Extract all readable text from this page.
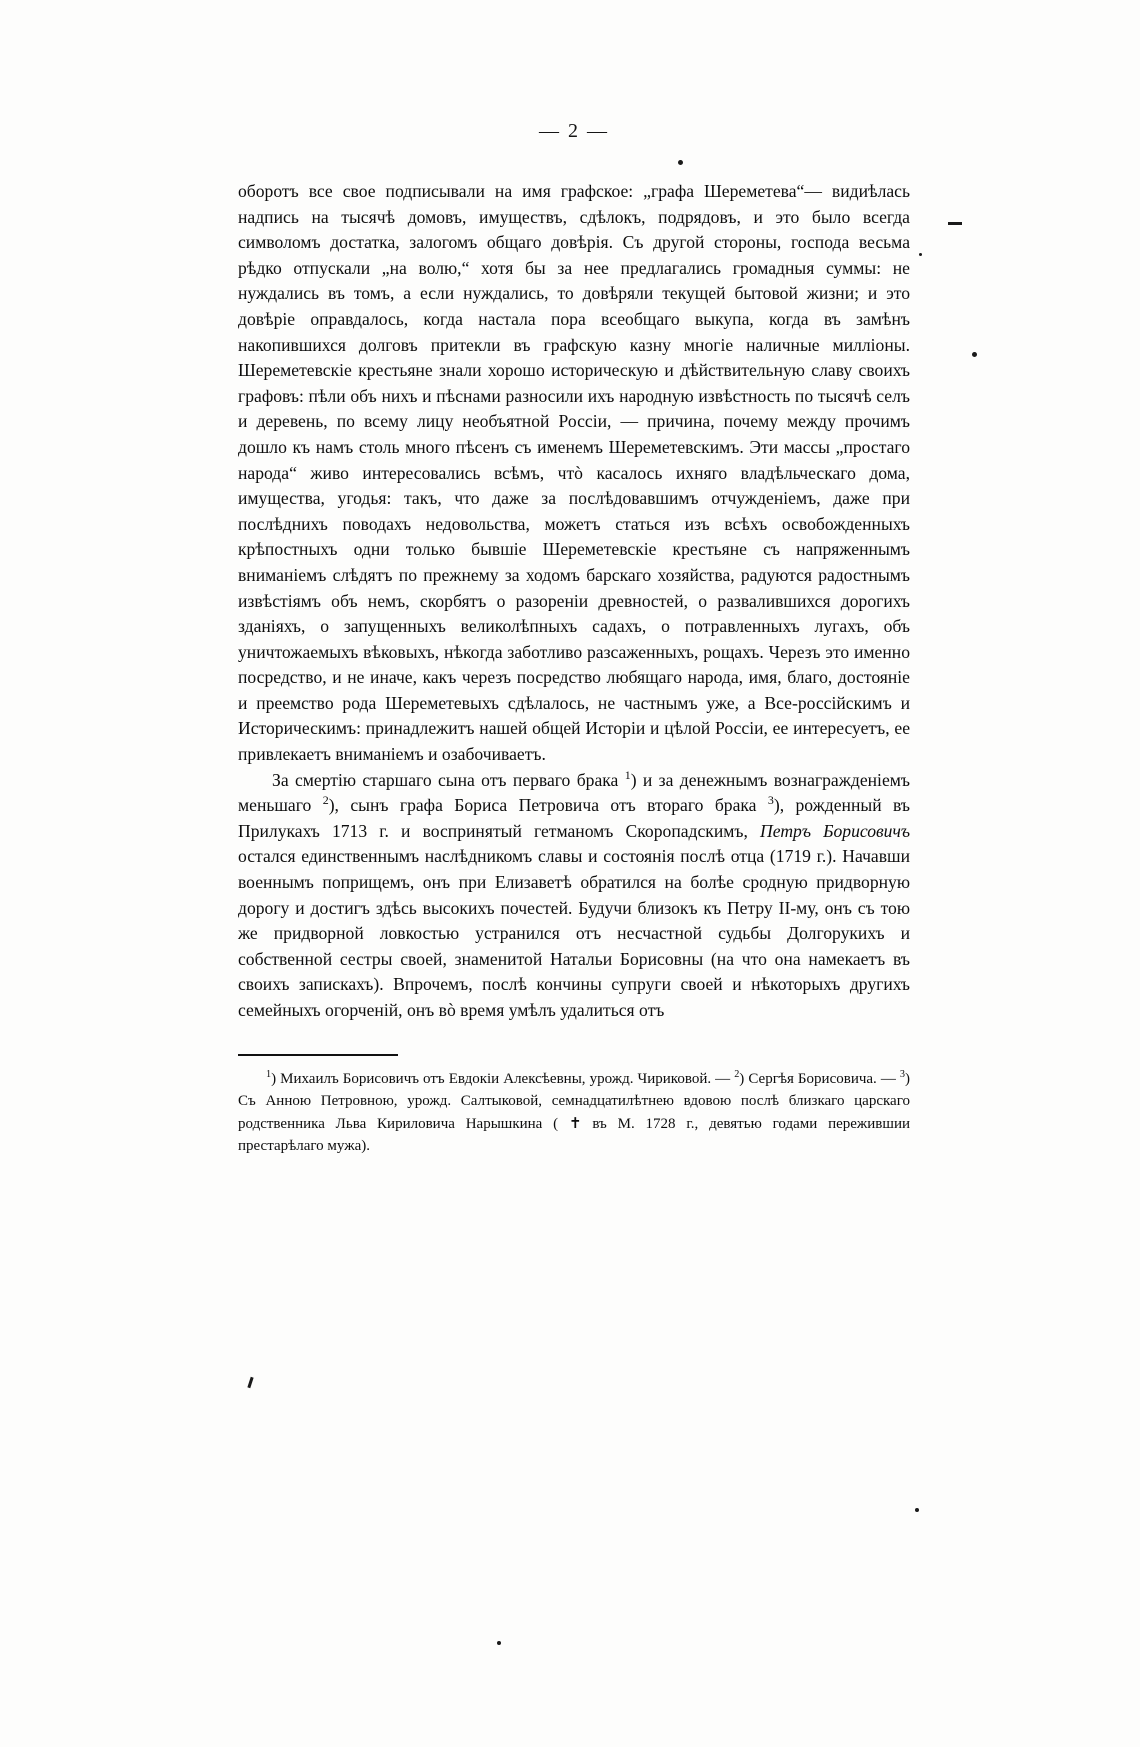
— 2 —

оборотъ все свое подписывали на имя графское: „графа Шереметева“— видиѣлась надпись на тысячѣ домовъ, имуществъ, сдѣлокъ, подрядовъ, и это было всегда символомъ достатка, залогомъ общаго довѣрія. Съ другой стороны, господа весьма рѣдко отпускали „на волю,“ хотя бы за нее предлагались громадныя суммы: не нуждались въ томъ, а если нуждались, то довѣряли текущей бытовой жизни; и это довѣріе оправдалось, когда настала пора всеобщаго выкупа, когда въ замѣнъ накопившихся долговъ притекли въ графскую казну многіе наличные милліоны. Шереметевскіе крестьяне знали хорошо историческую и дѣйствительную славу своихъ графовъ: пѣли объ нихъ и пѣснами разносили ихъ народную извѣстность по тысячѣ селъ и деревень, по всему лицу необъятной Россіи, — причина, почему между прочимъ дошло къ намъ столь много пѣсенъ съ именемъ Шереметевскимъ. Эти массы „простаго народа“ живо интересовались всѣмъ, чтò касалось ихняго владѣльческаго дома, имущества, угодья: такъ, что даже за послѣдовавшимъ отчужденіемъ, даже при послѣднихъ поводахъ недовольства, можетъ статься изъ всѣхъ освобожденныхъ крѣпостныхъ одни только бывшіе Шереметевскіе крестьяне съ напряженнымъ вниманіемъ слѣдятъ по прежнему за ходомъ барскаго хозяйства, радуются радостнымъ извѣстіямъ объ немъ, скорбятъ о разореніи древностей, о развалившихся дорогихъ зданіяхъ, о запущенныхъ великолѣпныхъ садахъ, о потравленныхъ лугахъ, объ уничтожаемыхъ вѣковыхъ, нѣкогда заботливо разсаженныхъ, рощахъ. Черезъ это именно посредство, и не иначе, какъ черезъ посредство любящаго народа, имя, благо, достояніе и преемство рода Шереметевыхъ сдѣлалось, не частнымъ уже, а Все-россійскимъ и Историческимъ: принадлежитъ нашей общей Исторіи и цѣлой Россіи, ее интересуетъ, ее привлекаетъ вниманіемъ и озабочиваетъ.

За смертію старшаго сына отъ перваго брака $^1$) и за денежнымъ вознагражденіемъ меньшаго $^2$), сынъ графа Бориса Петровича отъ втораго брака $^3$), рожденный въ Прилукахъ 1713 г. и воспринятый гетманомъ Скоропадскимъ, Петръ Борисовичъ остался единственнымъ наслѣдникомъ славы и состоянія послѣ отца (1719 г.). Начавши военнымъ поприщемъ, онъ при Елизаветѣ обратился на болѣе сродную придворную дорогу и достигъ здѣсь высокихъ почестей. Будучи близокъ къ Петру II-му, онъ съ тою же придворной ловкостью устранился отъ несчастной судьбы Долгорукихъ и собственной сестры своей, знаменитой Натальи Борисовны (на что она намекаетъ въ своихъ запискахъ). Впрочемъ, послѣ кончины супруги своей и нѣкоторыхъ другихъ семейныхъ огорченій, онъ вò время умѣлъ удалиться отъ

$^1$) Михаилъ Борисовичъ отъ Евдокіи Алексѣевны, урожд. Чириковой. — $^2$) Сергѣя Борисовича. — $^3$) Съ Анною Петровною, урожд. Салтыковой, семнадцатилѣтнею вдовою послѣ близкаго царскаго родственника Льва Кириловича Нарышкина ( ✝ въ М. 1728 г., девятью годами пережившии престарѣлаго мужа).
